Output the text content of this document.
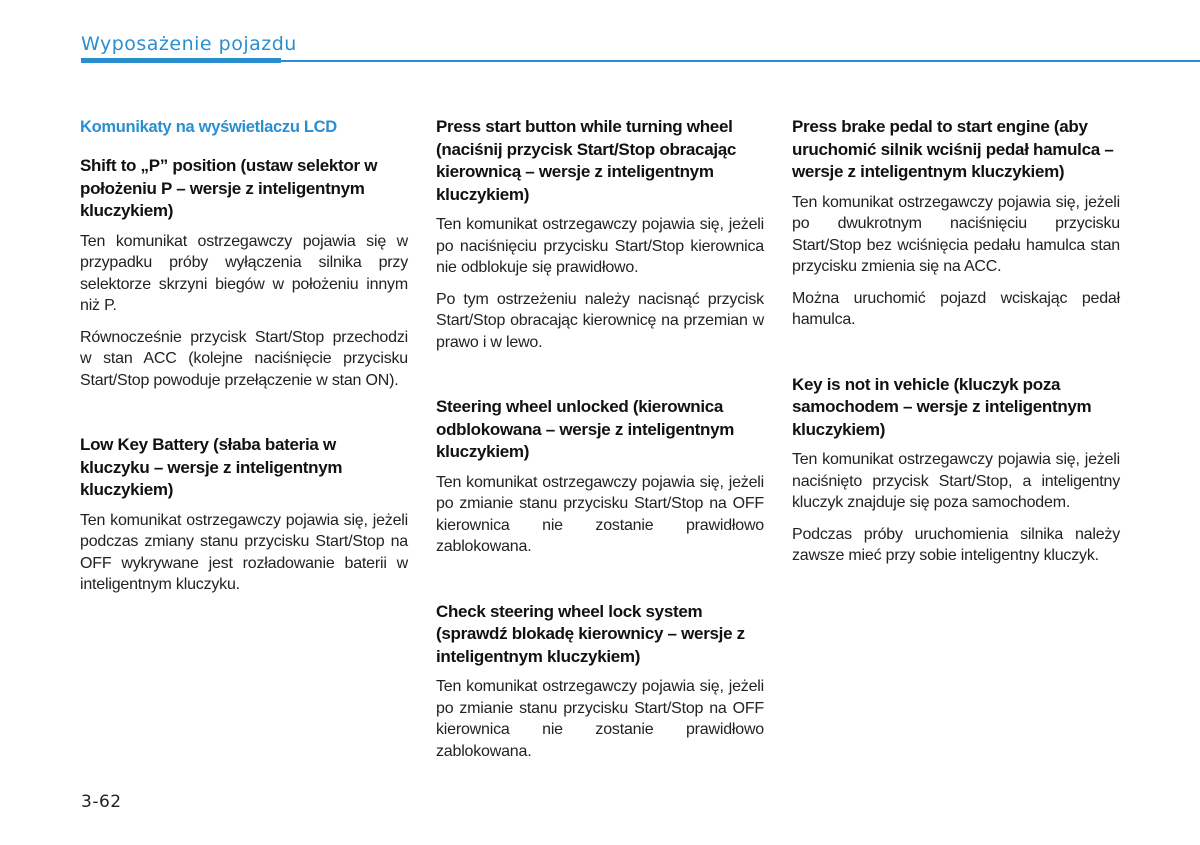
Wyposażenie pojazdu
Komunikaty na wyświetlaczu LCD
Shift to „P” position (ustaw selektor w położeniu P – wersje z inteligentnym kluczykiem)

Ten komunikat ostrzegawczy pojawia się w przypadku próby wyłączenia silnika przy selektorze skrzyni biegów w położeniu innym niż P.

Równocześnie przycisk Start/Stop przechodzi w stan ACC (kolejne naciśnięcie przycisku Start/Stop powoduje przełączenie w stan ON).

Low Key Battery (słaba bateria w kluczyku – wersje z inteligentnym kluczykiem)

Ten komunikat ostrzegawczy pojawia się, jeżeli podczas zmiany stanu przycisku Start/Stop na OFF wykrywane jest rozładowanie baterii w inteligentnym kluczyku.

Press start button while turning wheel (naciśnij przycisk Start/Stop obracając kierownicą – wersje z inteligentnym kluczykiem)

Ten komunikat ostrzegawczy pojawia się, jeżeli po naciśnięciu przycisku Start/Stop kierownica nie odblokuje się prawidłowo.

Po tym ostrzeżeniu należy nacisnąć przycisk Start/Stop obracając kierownicę na przemian w prawo i w lewo.

Steering wheel unlocked (kierownica odblokowana – wersje z inteligentnym kluczykiem)

Ten komunikat ostrzegawczy pojawia się, jeżeli po zmianie stanu przycisku Start/Stop na OFF kierownica nie zostanie prawidłowo zablokowana.

Check steering wheel lock system (sprawdź blokadę kierownicy – wersje z inteligentnym kluczykiem)

Ten komunikat ostrzegawczy pojawia się, jeżeli po zmianie stanu przycisku Start/Stop na OFF kierownica nie zostanie prawidłowo zablokowana.

Press brake pedal to start engine (aby uruchomić silnik wciśnij pedał hamulca – wersje z inteligentnym kluczykiem)

Ten komunikat ostrzegawczy pojawia się, jeżeli po dwukrotnym naciśnięciu przycisku Start/Stop bez wciśnięcia pedału hamulca stan przycisku zmienia się na ACC.

Można uruchomić pojazd wciskając pedał hamulca.

Key is not in vehicle (kluczyk poza samochodem – wersje z inteligentnym kluczykiem)

Ten komunikat ostrzegawczy pojawia się, jeżeli naciśnięto przycisk Start/Stop, a inteligentny kluczyk znajduje się poza samochodem.

Podczas próby uruchomienia silnika należy zawsze mieć przy sobie inteligentny kluczyk.

3-62
